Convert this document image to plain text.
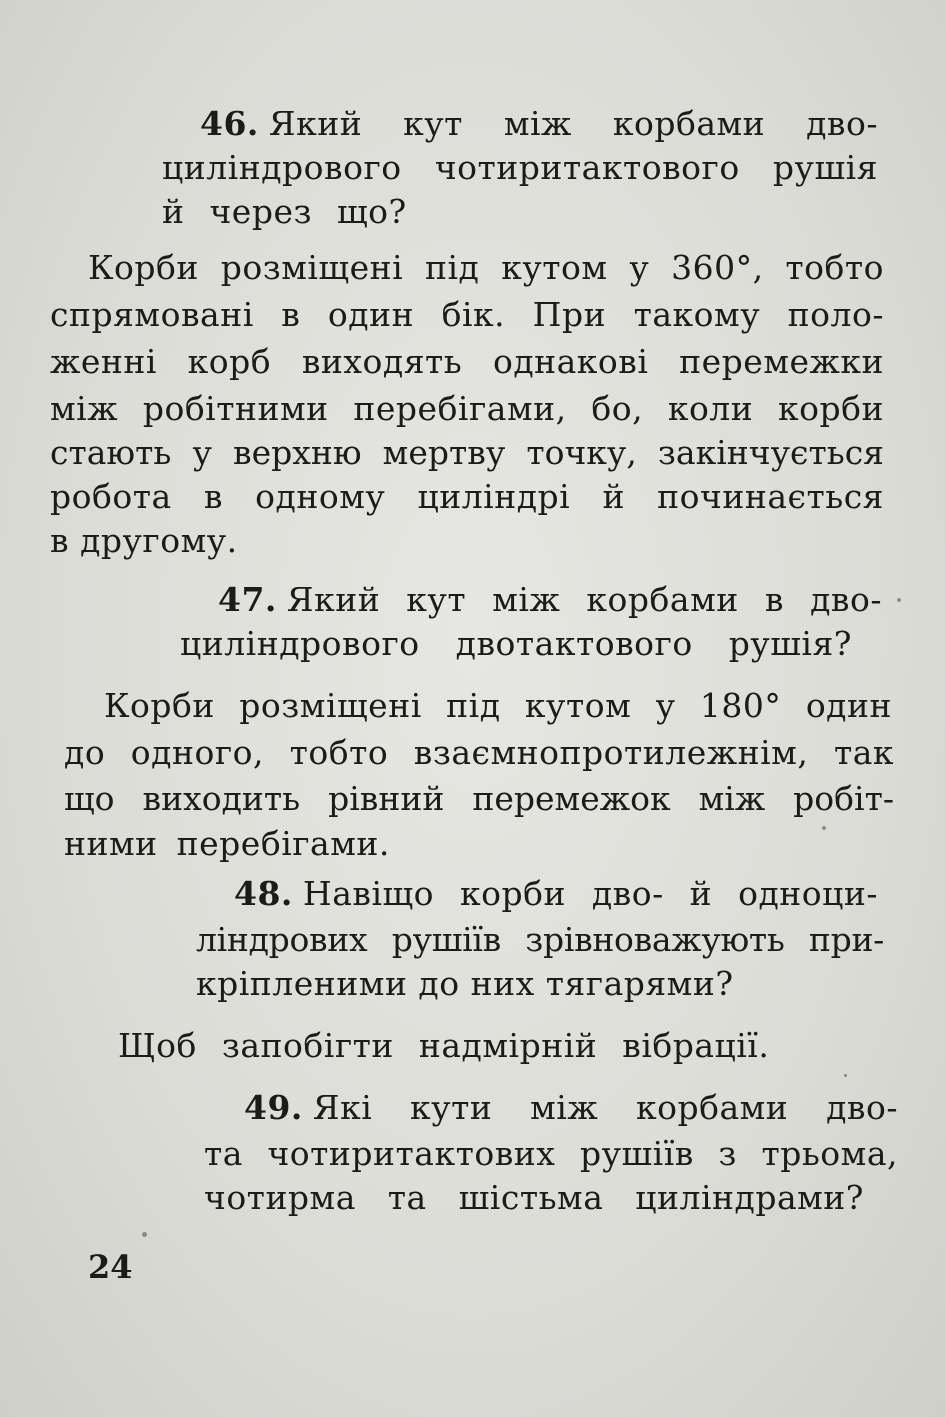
46. Який кут між корбами дво-
циліндрового чотиритактового рушія
й через що?
Корби розміщені під кутом у 360°, тобто
спрямовані в один бік. При такому поло-
женні корб виходять однакові перемежки
між робітними перебігами, бо, коли корби
стають у верхню мертву точку, закінчується
робота в одному циліндрі й починається
в другому.
47. Який кут між корбами в дво-
циліндрового двотактового рушія?
Корби розміщені під кутом у 180° один
до одного, тобто взаємнопротилежнім, так
що виходить рівний перемежок між робіт-
ними перебігами.
48. Навіщо корби дво- й одноци-
ліндрових рушіїв зрівноважують при-
кріпленими до них тягарями?
Щоб запобігти надмірній вібрації.
49. Які кути між корбами дво-
та чотиритактових рушіїв з трьома,
чотирма та шістьма циліндрами?
24
